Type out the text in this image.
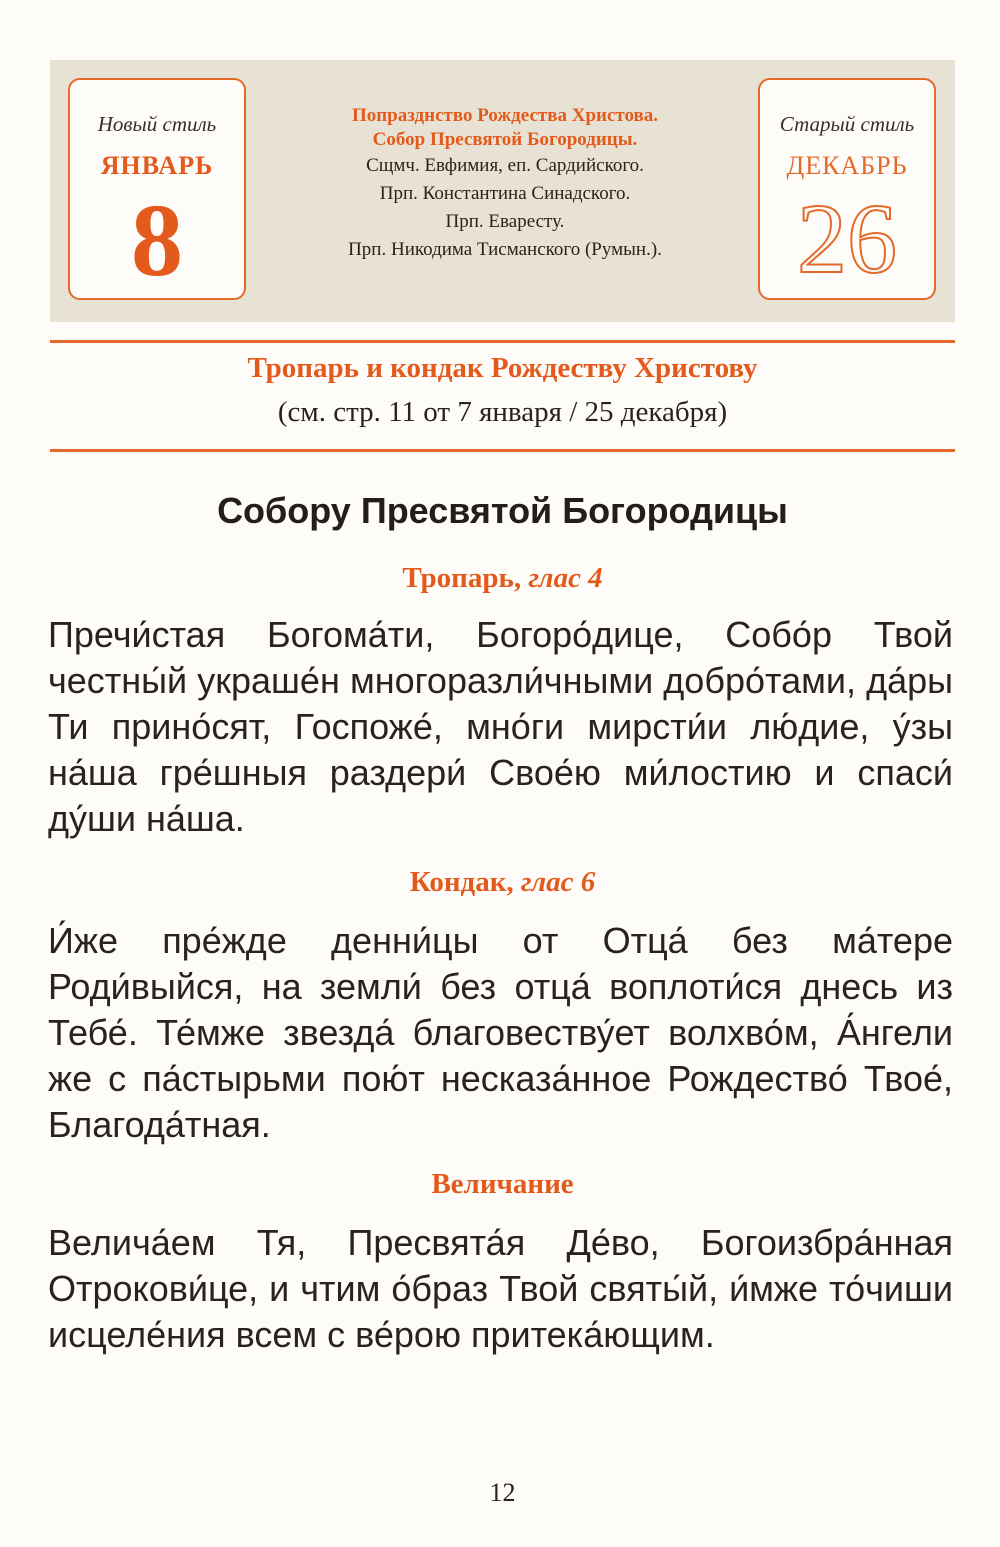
Новый стиль
ЯНВАРЬ
8
Попразднство Рождества Христова.
Собор Пресвятой Богородицы.
Сщмч. Евфимия, еп. Сардийского.
Прп. Константина Синадского.
Прп. Еваресту.
Прп. Никодима Тисманского (Румын.).
Старый стиль
ДЕКАБРЬ
26
Тропарь и кондак Рождеству Христову
(см. стр. 11 от 7 января / 25 декабря)
Собору Пресвятой Богородицы
Тропарь, глас 4
Пречи́стая Богома́ти, Богоро́дице, Собо́р Твой честны́й украше́н многоразли́чными добро́тами, да́ры Ти прино́сят, Госпоже́, мно́ги мирсти́и лю́дие, у́зы на́ша гре́шныя раздери́ Свое́ю ми́лостию и спаси́ ду́ши на́ша.
Кондак, глас 6
И́же пре́жде денни́цы от Отца́ без ма́тере Роди́выйся, на земли́ без отца́ воплоти́ся днесь из Тебе́. Те́мже звезда́ благовеству́ет волхво́м, А́нгели же с па́стырьми пою́т несказа́нное Рождество́ Твое́, Благода́тная.
Величание
Велича́ем Тя, Пресвята́я Де́во, Богоизбра́нная Отрокови́це, и чтим о́браз Твой святы́й, и́мже то́чиши исцеле́ния всем с ве́рою притека́ющим.
12
